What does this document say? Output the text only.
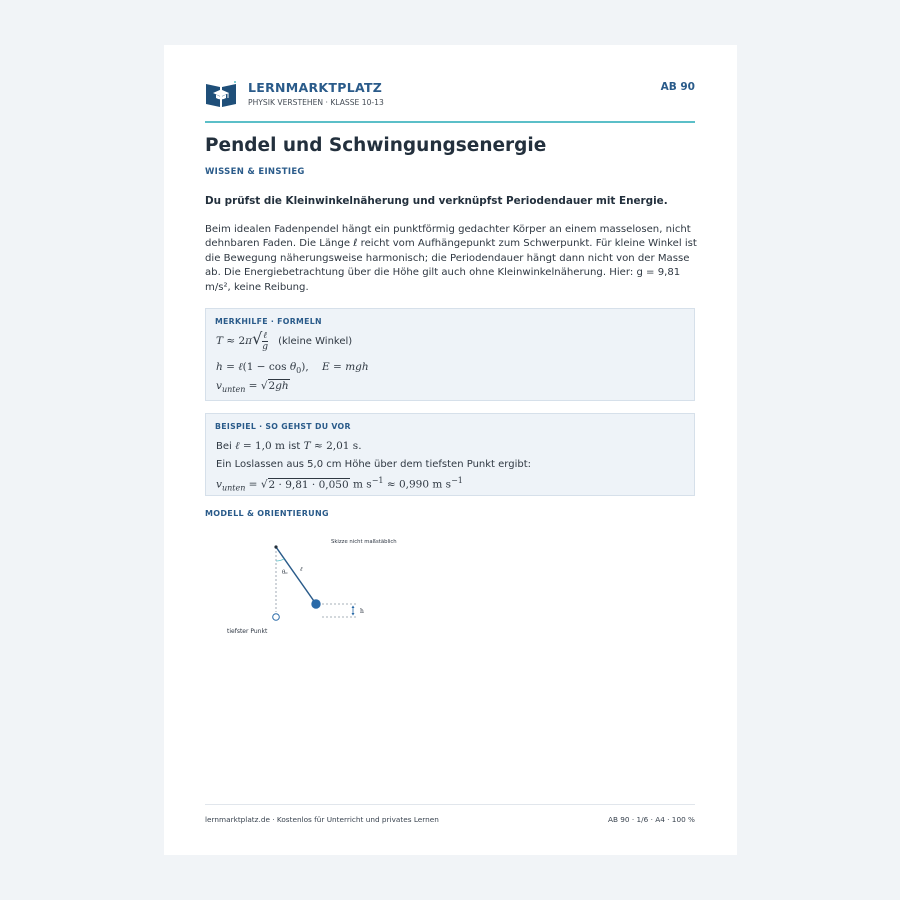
LERNMARKTPLATZ
PHYSIK VERSTEHEN · KLASSE 10-13
AB 90
Pendel und Schwingungsenergie
WISSEN & EINSTIEG
Du prüfst die Kleinwinkelnäherung und verknüpfst Periodendauer mit Energie.
Beim idealen Fadenpendel hängt ein punktförmig gedachter Körper an einem masselosen, nicht dehnbaren Faden. Die Länge ℓ reicht vom Aufhängepunkt zum Schwerpunkt. Für kleine Winkel ist die Bewegung näherungsweise harmonisch; die Periodendauer hängt dann nicht von der Masse ab. Die Energiebetrachtung über die Höhe gilt auch ohne Kleinwinkelnäherung. Hier: g = 9,81 m/s², keine Reibung.
MERKHILFE · FORMELN
$T \approx 2\pi√ \frac{\text{ℓ}}{g}$ (kleine Winkel)
h = ℓ(1 − $\cos \theta_0$),    E = mgh
$v_{unten} = √2gh$
BEISPIEL · SO GEHST DU VOR
Bei ℓ = 1,0 m ist T ≈ 2,01 s.
Ein Loslassen aus 5,0 cm Höhe über dem tiefsten Punkt ergibt:
$v_{unten} = √2 \cdot 9,81 \cdot 0,050$ m $s^{-1} \approx 0,990$ m $s^{-1}$
MODELL & ORIENTIERUNG
Skizze nicht maßstäblich
θ₀ ℓ
h
tiefster Punkt
lernmarktplatz.de · Kostenlos für Unterricht und privates Lernen	AB 90 · 1/6 · A4 · 100 %
